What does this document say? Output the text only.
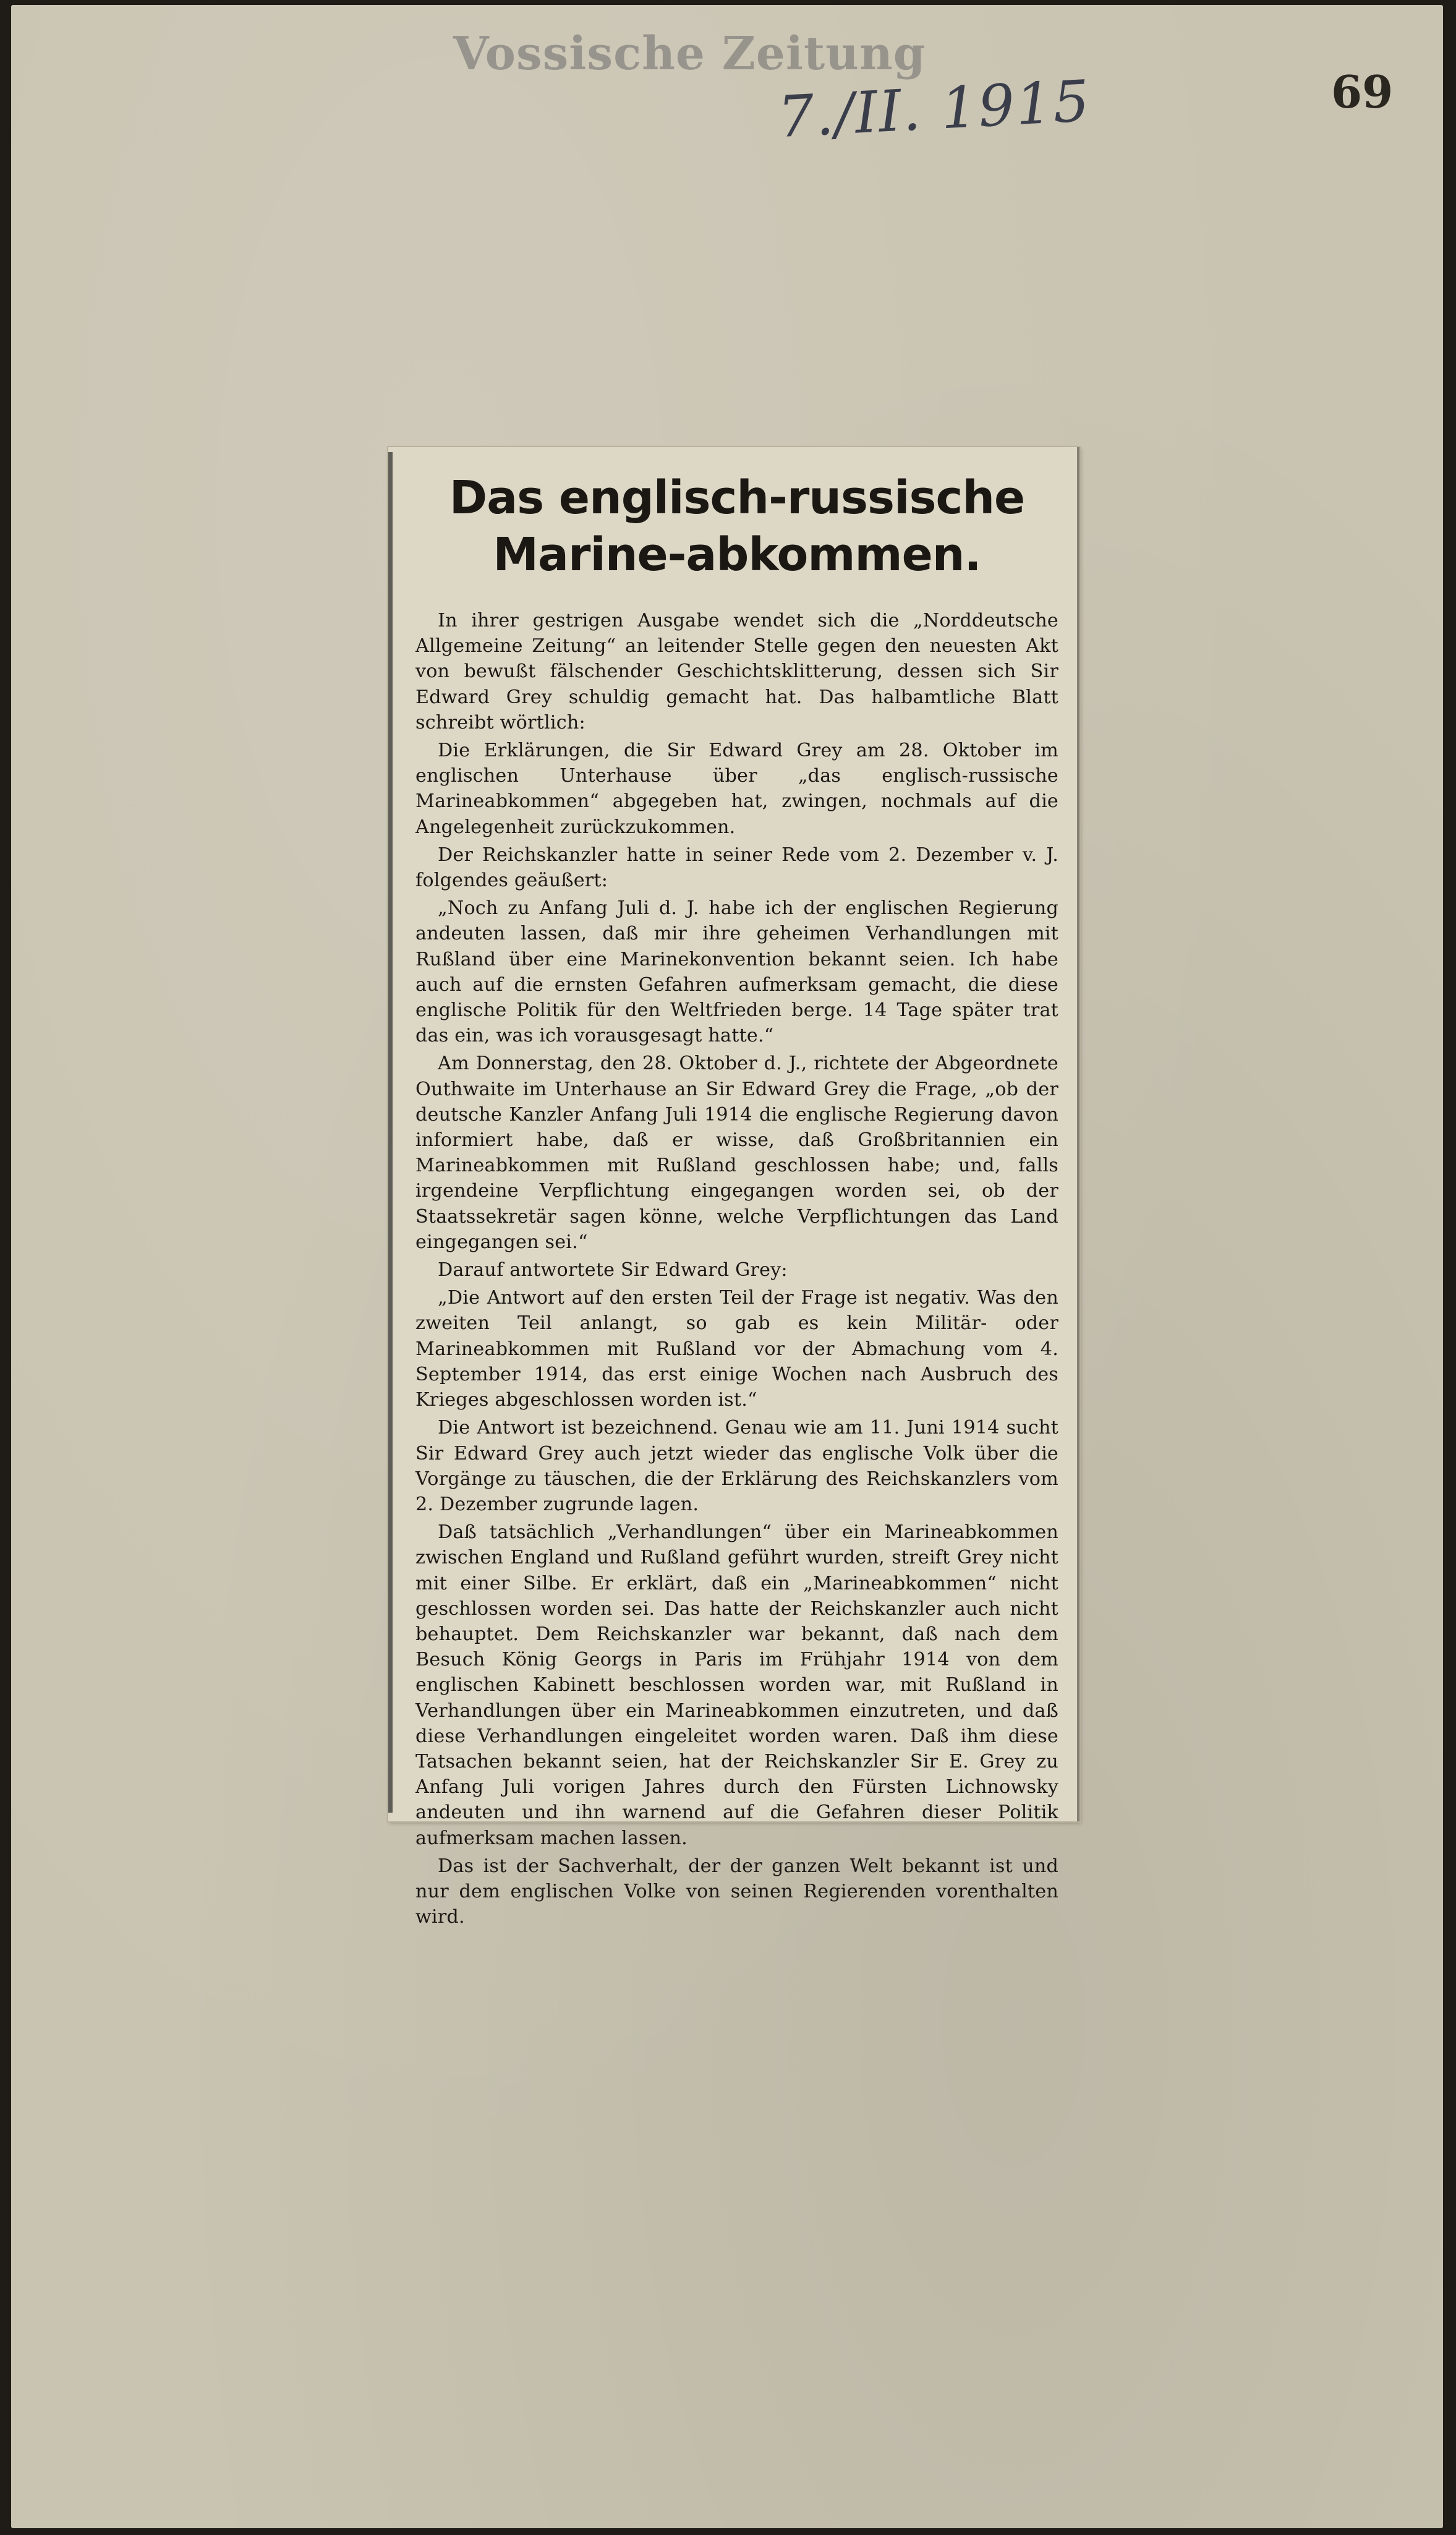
Vossische Zeitung
7./II. 1915	69
Das englisch-russische Marine-abkommen.

In ihrer gestrigen Ausgabe wendet sich die „Norddeutsche Allgemeine Zeitung“ an leitender Stelle gegen den neuesten Akt von bewußt fälschender Geschichtsklitterung, dessen sich Sir Edward Grey schuldig gemacht hat. Das halbamtliche Blatt schreibt wörtlich:

Die Erklärungen, die Sir Edward Grey am 28. Oktober im englischen Unterhause über „das englisch-russische Marineabkommen“ abgegeben hat, zwingen, nochmals auf die Angelegenheit zurückzukommen.

Der Reichskanzler hatte in seiner Rede vom 2. Dezember v. J. folgendes geäußert:

„Noch zu Anfang Juli d. J. habe ich der englischen Regierung andeuten lassen, daß mir ihre geheimen Verhandlungen mit Rußland über eine Marinekonvention bekannt seien. Ich habe auch auf die ernsten Gefahren aufmerksam gemacht, die diese englische Politik für den Weltfrieden berge. 14 Tage später trat das ein, was ich vorausgesagt hatte.“

Am Donnerstag, den 28. Oktober d. J., richtete der Abgeordnete Outhwaite im Unterhause an Sir Edward Grey die Frage, „ob der deutsche Kanzler Anfang Juli 1914 die englische Regierung davon informiert habe, daß er wisse, daß Großbritannien ein Marineabkommen mit Rußland geschlossen habe; und, falls irgendeine Verpflichtung eingegangen worden sei, ob der Staatssekretär sagen könne, welche Verpflichtungen das Land eingegangen sei.“

Darauf antwortete Sir Edward Grey:

„Die Antwort auf den ersten Teil der Frage ist negativ. Was den zweiten Teil anlangt, so gab es kein Militär- oder Marineabkommen mit Rußland vor der Abmachung vom 4. September 1914, das erst einige Wochen nach Ausbruch des Krieges abgeschlossen worden ist.“

Die Antwort ist bezeichnend. Genau wie am 11. Juni 1914 sucht Sir Edward Grey auch jetzt wieder das englische Volk über die Vorgänge zu täuschen, die der Erklärung des Reichskanzlers vom 2. Dezember zugrunde lagen.

Daß tatsächlich „Verhandlungen“ über ein Marineabkommen zwischen England und Rußland geführt wurden, streift Grey nicht mit einer Silbe. Er erklärt, daß ein „Marineabkommen“ nicht geschlossen worden sei. Das hatte der Reichskanzler auch nicht behauptet. Dem Reichskanzler war bekannt, daß nach dem Besuch König Georgs in Paris im Frühjahr 1914 von dem englischen Kabinett beschlossen worden war, mit Rußland in Verhandlungen über ein Marineabkommen einzutreten, und daß diese Verhandlungen eingeleitet worden waren. Daß ihm diese Tatsachen bekannt seien, hat der Reichskanzler Sir E. Grey zu Anfang Juli vorigen Jahres durch den Fürsten Lichnowsky andeuten und ihn warnend auf die Gefahren dieser Politik aufmerksam machen lassen.

Das ist der Sachverhalt, der der ganzen Welt bekannt ist und nur dem englischen Volke von seinen Regierenden vorenthalten wird.
